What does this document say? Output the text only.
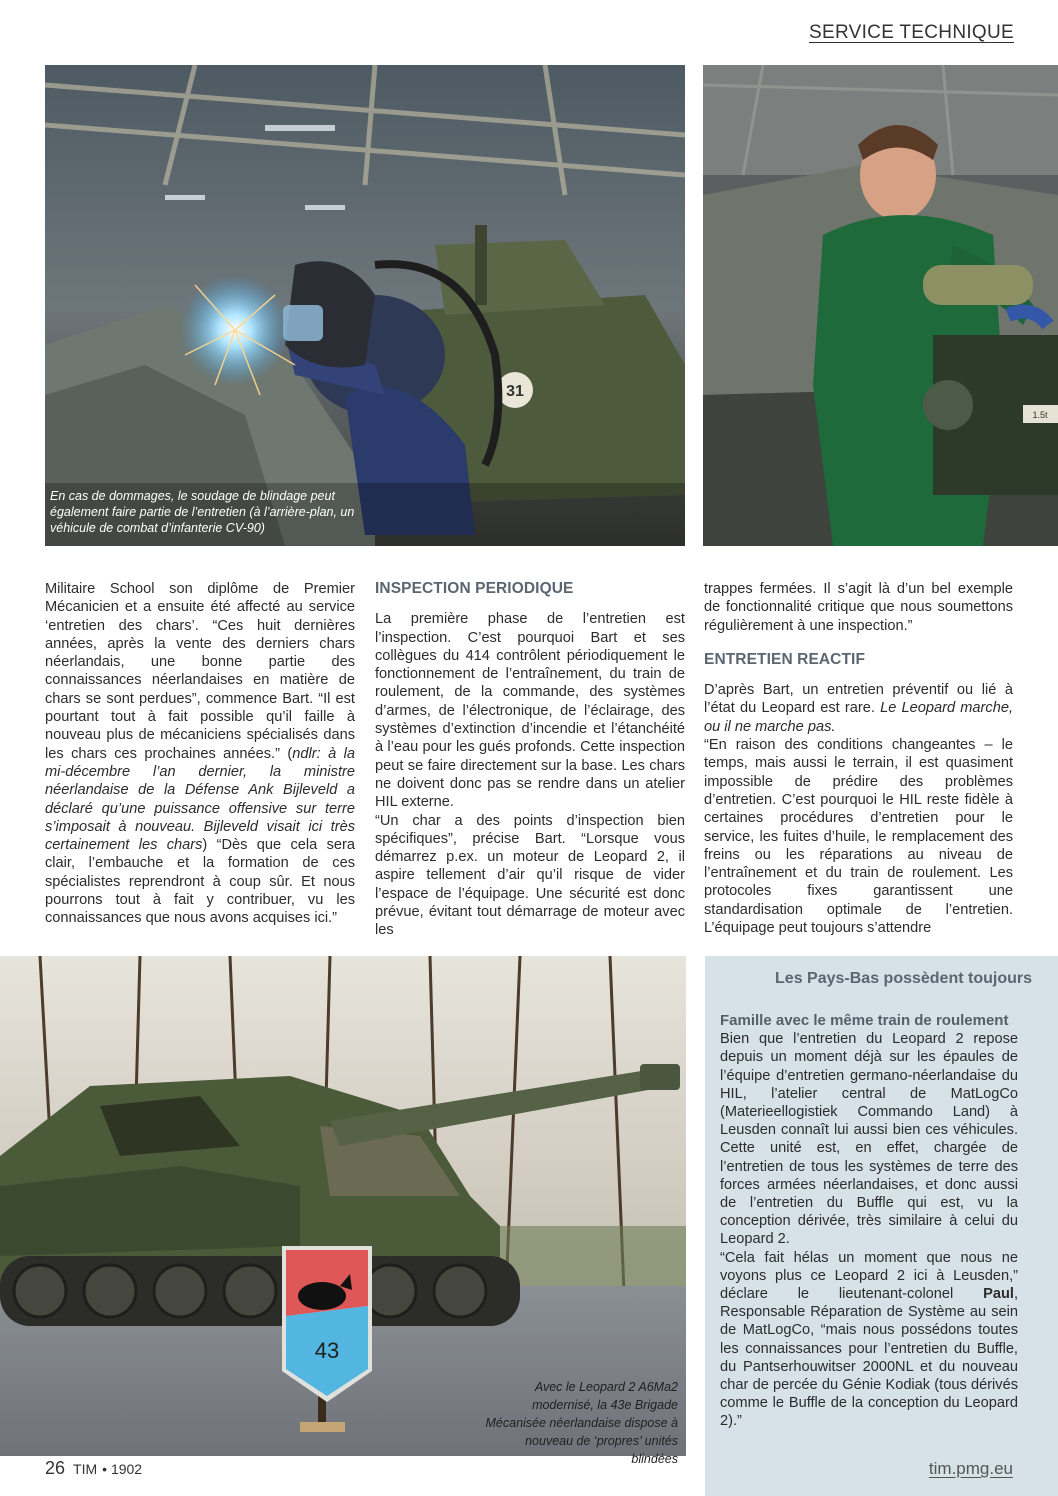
SERVICE TECHNIQUE
31
En cas de dommages, le soudage de blindage peut également faire partie de l’entretien (à l’arrière-plan, un véhicule de combat d’infanterie CV-90)
1.5t

Militaire School son diplôme de Premier Mécanicien et a ensuite été affecté au service ‘entretien des chars’. “Ces huit dernières années, après la vente des derniers chars néerlandais, une bonne partie des connaissances néerlandaises en matière de chars se sont perdues”, commence Bart. “Il est pourtant tout à fait possible qu’il faille à nouveau plus de mécaniciens spécialisés dans les chars ces prochaines années.” (ndlr: à la mi-décembre l’an dernier, la ministre néerlandaise de la Défense Ank Bijleveld a déclaré qu’une puissance offensive sur terre s’imposait à nouveau. Bijleveld visait ici très certainement les chars) “Dès que cela sera clair, l’embauche et la formation de ces spécialistes reprendront à coup sûr. Et nous pourrons tout à fait y contribuer, vu les connaissances que nous avons acquises ici.”

INSPECTION PERIODIQUE

La première phase de l’entretien est l’inspection. C’est pourquoi Bart et ses collègues du 414 contrôlent périodiquement le fonctionnement de l’entraînement, du train de roulement, de la commande, des systèmes d’armes, de l’électronique, de l’éclairage, des systèmes d’extinction d’incendie et l’étanchéité à l’eau pour les gués profonds. Cette inspection peut se faire directement sur la base. Les chars ne doivent donc pas se rendre dans un atelier HIL externe.

“Un char a des points d’inspection bien spécifiques”, précise Bart. “Lorsque vous démarrez p.ex. un moteur de Leopard 2, il aspire tellement d’air qu’il risque de vider l’espace de l’équipage. Une sécurité est donc prévue, évitant tout démarrage de moteur avec les

trappes fermées. Il s’agit là d’un bel exemple de fonctionnalité critique que nous soumettons régulièrement à une inspection.”

ENTRETIEN REACTIF

D’après Bart, un entretien préventif ou lié à l’état du Leopard est rare. Le Leopard marche, ou il ne marche pas.

“En raison des conditions changeantes – le temps, mais aussi le terrain, il est quasiment impossible de prédire des problèmes d’entretien. C’est pourquoi le HIL reste fidèle à certaines procédures d’entretien pour le service, les fuites d’huile, le remplacement des freins ou les réparations au niveau de l’entraînement et du train de roulement. Les protocoles fixes garantissent une standardisation optimale de l’entretien. L’équipage peut toujours s’attendre

43
Avec le Leopard 2 A6Ma2 modernisé, la 43e Brigade Mécanisée néerlandaise dispose à nouveau de ‘propres’ unités blindées
Les Pays-Bas possèdent toujours
Famille avec le même train de roulement

Bien que l’entretien du Leopard 2 repose depuis un moment déjà sur les épaules de l’équipe d’entretien germano-néerlandaise du HIL, l’atelier central de MatLogCo (Materieellogistiek Commando Land) à Leusden connaît lui aussi bien ces véhicules. Cette unité est, en effet, chargée de l’entretien de tous les systèmes de terre des forces armées néerlandaises, et donc aussi de l’entretien du Buffle qui est, vu la conception dérivée, très similaire à celui du Leopard 2.

“Cela fait hélas un moment que nous ne voyons plus ce Leopard 2 ici à Leusden,” déclare le lieutenant-colonel Paul, Responsable Réparation de Système au sein de MatLogCo, “mais nous possédons toutes les connaissances pour l’entretien du Buffle, du Pantserhouwitser 2000NL et du nouveau char de percée du Génie Kodiak (tous dérivés comme le Buffle de la conception du Leopard 2).”

tim.pmg.eu
26 TIM • 1902
